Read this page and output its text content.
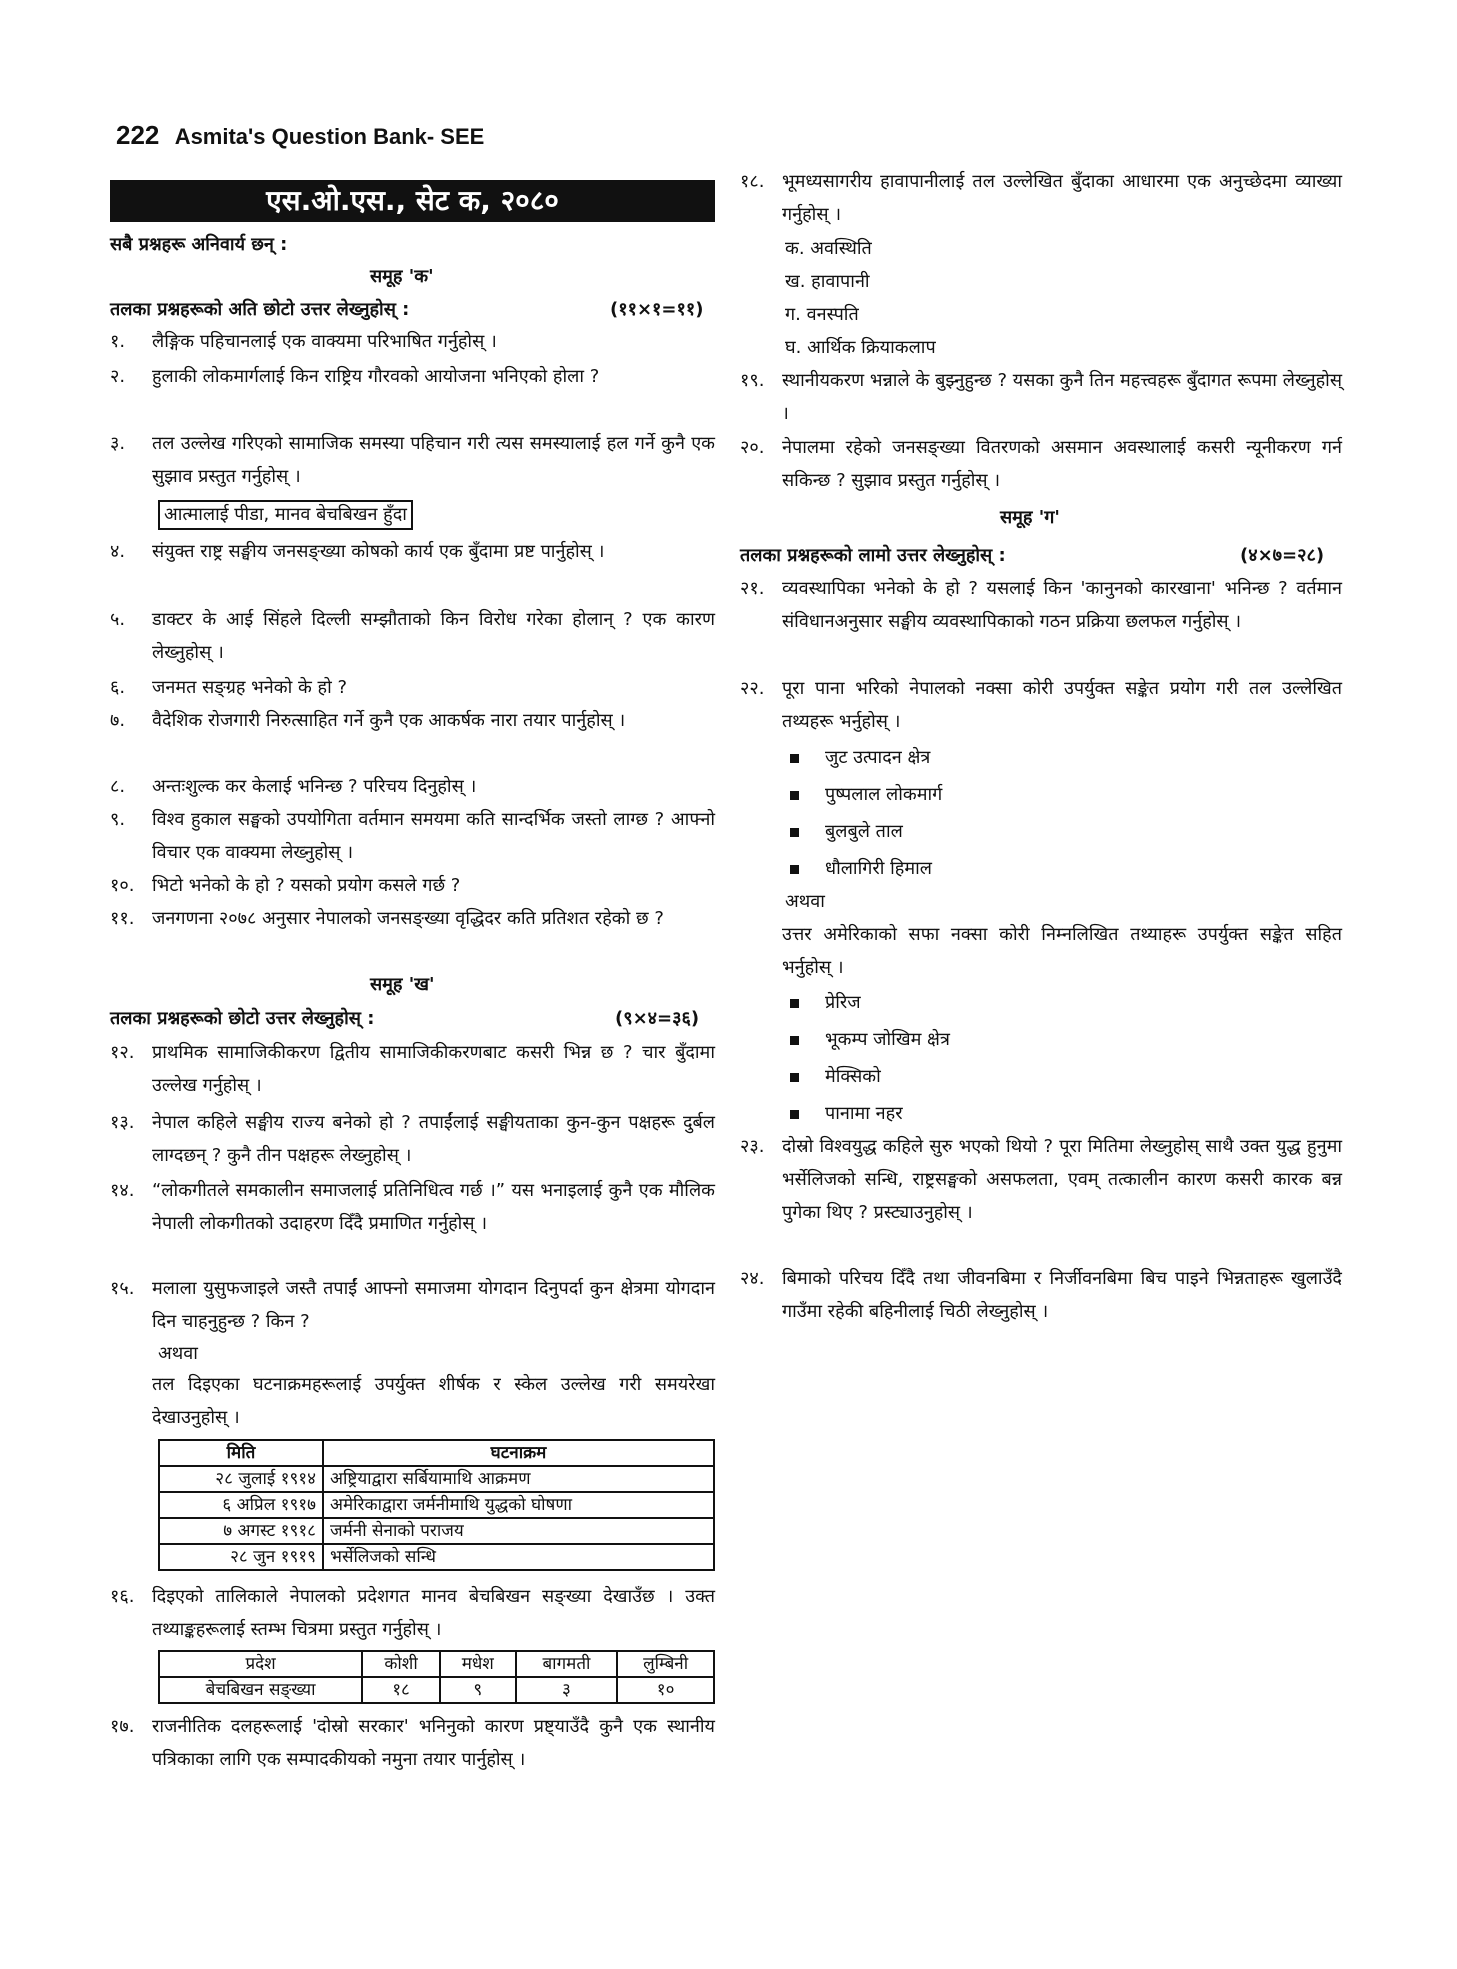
222 Asmita's Question Bank- SEE
एस.ओ.एस., सेट क, २०८०
सबै प्रश्नहरू अनिवार्य छन् :
समूह 'क'
तलका प्रश्नहरूको अति छोटो उत्तर लेख्नुहोस् :	(११×१=११)
१. लैङ्गिक पहिचानलाई एक वाक्यमा परिभाषित गर्नुहोस् ।
२. हुलाकी लोकमार्गलाई किन राष्ट्रिय गौरवको आयोजना भनिएको होला ?
३. तल उल्लेख गरिएको सामाजिक समस्या पहिचान गरी त्यस समस्यालाई हल गर्ने कुनै एक सुझाव प्रस्तुत गर्नुहोस् ।
आत्मालाई पीडा, मानव बेचबिखन हुँदा
४. संयुक्त राष्ट्र सङ्घीय जनसङ्ख्या कोषको कार्य एक बुँदामा प्रष्ट पार्नुहोस् ।
५. डाक्टर के आई सिंहले दिल्ली सम्झौताको किन विरोध गरेका होलान् ? एक कारण लेख्नुहोस् ।
६. जनमत सङ्ग्रह भनेको के हो ?
७. वैदेशिक रोजगारी निरुत्साहित गर्ने कुनै एक आकर्षक नारा तयार पार्नुहोस् ।
८. अन्तःशुल्क कर केलाई भनिन्छ ? परिचय दिनुहोस् ।
९. विश्व हुकाल सङ्घको उपयोगिता वर्तमान समयमा कति सान्दर्भिक जस्तो लाग्छ ? आफ्नो विचार एक वाक्यमा लेख्नुहोस् ।
१०. भिटो भनेको के हो ? यसको प्रयोग कसले गर्छ ?
११. जनगणना २०७८ अनुसार नेपालको जनसङ्ख्या वृद्धिदर कति प्रतिशत रहेको छ ?
समूह 'ख'
तलका प्रश्नहरूको छोटो उत्तर लेख्नुहोस् :	(९×४=३६)
१२. प्राथमिक सामाजिकीकरण द्वितीय सामाजिकीकरणबाट कसरी भिन्न छ ? चार बुँदामा उल्लेख गर्नुहोस् ।
१३. नेपाल कहिले सङ्घीय राज्य बनेको हो ? तपाईंलाई सङ्घीयताका कुन-कुन पक्षहरू दुर्बल लाग्दछन् ? कुनै तीन पक्षहरू लेख्नुहोस् ।
१४. “लोकगीतले समकालीन समाजलाई प्रतिनिधित्व गर्छ ।” यस भनाइलाई कुनै एक मौलिक नेपाली लोकगीतको उदाहरण दिँदै प्रमाणित गर्नुहोस् ।
१५. मलाला युसुफजाइले जस्तै तपाईं आफ्नो समाजमा योगदान दिनुपर्दा कुन क्षेत्रमा योगदान दिन चाहनुहुन्छ ? किन ?
अथवा
तल दिइएका घटनाक्रमहरूलाई उपर्युक्त शीर्षक र स्केल उल्लेख गरी समयरेखा देखाउनुहोस् ।
मिति	घटनाक्रम
२८ जुलाई १९१४	अष्ट्रियाद्वारा सर्बियामाथि आक्रमण
६ अप्रिल १९१७	अमेरिकाद्वारा जर्मनीमाथि युद्धको घोषणा
७ अगस्ट १९१८	जर्मनी सेनाको पराजय
२८ जुन १९१९	भर्सेलिजको सन्धि
१६. दिइएको तालिकाले नेपालको प्रदेशगत मानव बेचबिखन सङ्ख्या देखाउँछ । उक्त तथ्याङ्कहरूलाई स्तम्भ चित्रमा प्रस्तुत गर्नुहोस् ।
प्रदेश	कोशी	मधेश	बागमती	लुम्बिनी
बेचबिखन सङ्ख्या	१८	९	३	१०
१७. राजनीतिक दलहरूलाई 'दोस्रो सरकार' भनिनुको कारण प्रष्ट्याउँदै कुनै एक स्थानीय पत्रिकाका लागि एक सम्पादकीयको नमुना तयार पार्नुहोस् ।
१८. भूमध्यसागरीय हावापानीलाई तल उल्लेखित बुँदाका आधारमा एक अनुच्छेदमा व्याख्या गर्नुहोस् ।
क. अवस्थिति
ख. हावापानी
ग. वनस्पति
घ. आर्थिक क्रियाकलाप
१९. स्थानीयकरण भन्नाले के बुझ्नुहुन्छ ? यसका कुनै तिन महत्त्वहरू बुँदागत रूपमा लेख्नुहोस् ।
२०. नेपालमा रहेको जनसङ्ख्या वितरणको असमान अवस्थालाई कसरी न्यूनीकरण गर्न सकिन्छ ? सुझाव प्रस्तुत गर्नुहोस् ।
समूह 'ग'
तलका प्रश्नहरूको लामो उत्तर लेख्नुहोस् :	(४×७=२८)
२१. व्यवस्थापिका भनेको के हो ? यसलाई किन 'कानुनको कारखाना' भनिन्छ ? वर्तमान संविधानअनुसार सङ्घीय व्यवस्थापिकाको गठन प्रक्रिया छलफल गर्नुहोस् ।
२२. पूरा पाना भरिको नेपालको नक्सा कोरी उपर्युक्त सङ्केत प्रयोग गरी तल उल्लेखित तथ्यहरू भर्नुहोस् ।
जुट उत्पादन क्षेत्र
पुष्पलाल लोकमार्ग
बुलबुले ताल
धौलागिरी हिमाल
अथवा
उत्तर अमेरिकाको सफा नक्सा कोरी निम्नलिखित तथ्याहरू उपर्युक्त सङ्केत सहित भर्नुहोस् ।
प्रेरिज
भूकम्प जोखिम क्षेत्र
मेक्सिको
पानामा नहर
२३. दोस्रो विश्वयुद्ध कहिले सुरु भएको थियो ? पूरा मितिमा लेख्नुहोस् साथै उक्त युद्ध हुनुमा भर्सेलिजको सन्धि, राष्ट्रसङ्घको असफलता, एवम् तत्कालीन कारण कसरी कारक बन्न पुगेका थिए ? प्रस्ट्याउनुहोस् ।
२४. बिमाको परिचय दिँदै तथा जीवनबिमा र निर्जीवनबिमा बिच पाइने भिन्नताहरू खुलाउँदै गाउँमा रहेकी बहिनीलाई चिठी लेख्नुहोस् ।
